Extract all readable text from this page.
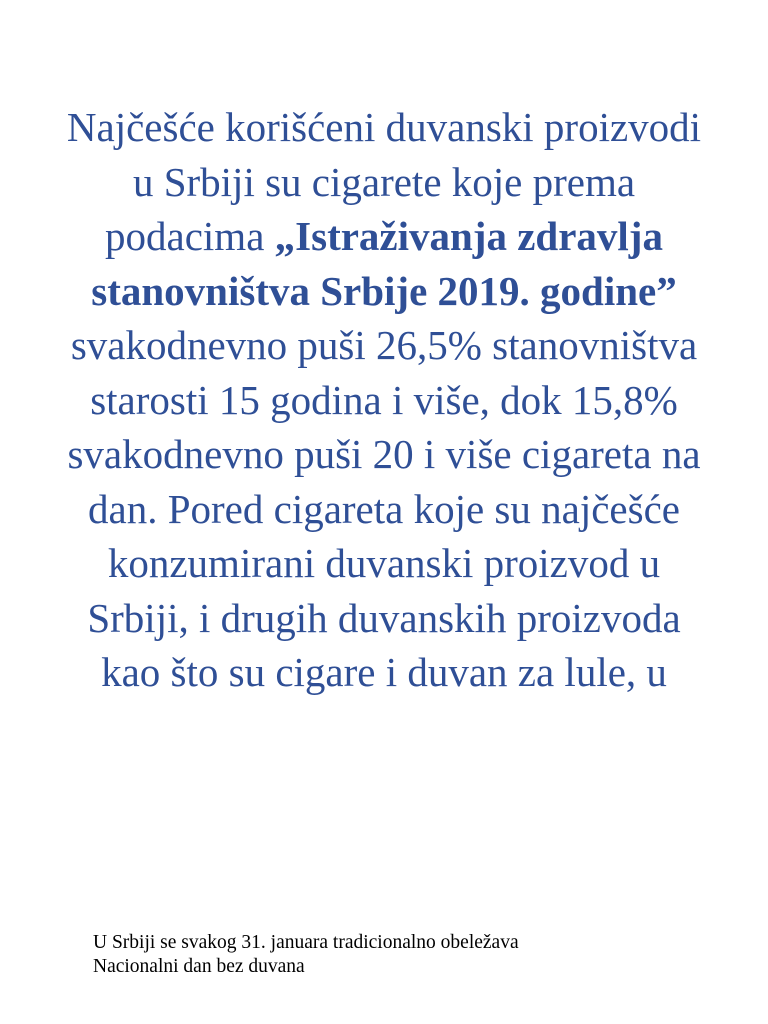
Najčešće korišćeni duvanski proizvodi u Srbiji su cigarete koje prema podacima „Istraživanja zdravlja stanovništva Srbije 2019. godine” svakodnevno puši 26,5% stanovništva starosti 15 godina i više, dok 15,8% svakodnevno puši 20 i više cigareta na dan. Pored cigareta koje su najčešće konzumirani duvanski proizvod u Srbiji, i drugih duvanskih proizvoda kao što su cigare i duvan za lule, u

U Srbiji se svakog 31. januara tradicionalno obeležava
Nacionalni dan bez duvana
